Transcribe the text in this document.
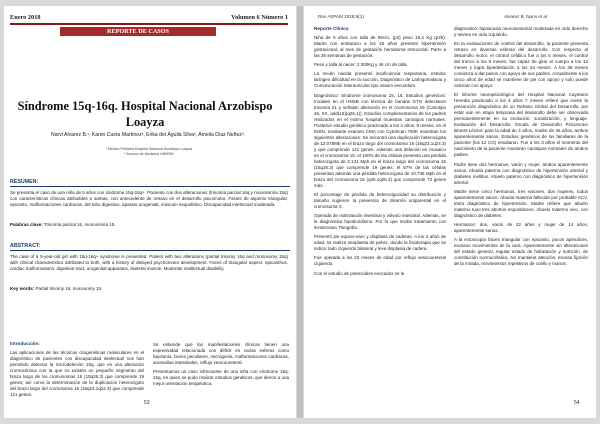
Enero 2018	Volumen 6 Número 1
REPORTE DE CASOS
Síndrome 15q-16q. Hospital Nacional Arzobispo Loayza
Narvi Alvarez B.¹, Karen Cueta Martínez², Erika del Águila Silva², Amelia Díaz Nuñez².
¹ Médico Pediatra Hospital Nacional Arzobispo Loayza
² Alumno de Medicina UNMSM
RESUMEN:
Se presenta el caso de una niña de 5 años con síndrome 15q-16q+. Paciente con dos alteraciones (trisomía parcial 16q y monosomía 15q) con características clínicas atribuibles a ambas, con antecedente de retraso en el desarrollo psicomotor. Facies de aspecto triangular, epicanto, malformaciones cardíacas, del tubo digestivo, aparato urogenital, músculo esquelético. Discapacidad intelectual moderada.
Palabras clave: Trisomía parcial 16, monosomía 15.
ABSTRACT:
The case of a 5-year-old girl with 15q-16q+ syndrome is presented. Patient with two alterations (partial trisomy 16q and monosomy 15q) with clinical characteristics attributed to both, with a history of delayed psychomotor development. Faces of triangular aspect, epicanthus, cardiac malformations, digestive tract, urogenital apparatus, skeletal muscle. Moderate intellectual disability.
Key words: Partial trisomy 16, monosomy 15.
Introducción:

Las aplicaciones de las técnicas citogenéticas moleculares en el diagnóstico de pacientes con discapacidad intelectual nos han permitido detectar la microdeleción 15q, que es una alteración cromosómica con la que no existen un pequeño segmento del brazo largo de los cromosomas 15 (15q26.3) que comprende 19 genes; así como la determinación de la duplicación heterocigoto del brazo largo del cromosoma 16 (16q23.1q24.3) que comprende 121 genes.

Se entiende que las manifestaciones clínicas tienen una expresividad relacionada con déficit en varias esferas como hipotonía, facies peculiares, microgenia, malformaciones cardíacas, anomalías intestinales, reflujo vesicoureteral.

Presentamos un caso infrecuente de una niña con síndrome 15q-16q, en quien se pudo realizar estudios genéticos, que dieron a una mejor orientación terapéutica.

53
Rev ASPAM 2018;6(1)	Alvarez B. Narvi et al
Reporte Clínico

Niña de 5 años con talla de 96cm, (p3) peso 15,4 Kg (p25). Madre con embarazo a los 40 años presentó hipertensión gestacional, al mes de gestación hematoma retrocorial. Parto a las 36 semanas de gestación.

Peso y talla al nacer: 2.300Kg y 46 cm de talla.

La recién nacida presentó insuficiencia respiratoria, estridor laríngeo dificultad en la succión, Diagnóstico de Laringomalacia y Comunicación Interauricular tipo ostium secundum.

Diagnóstico: Síndrome cromosoma 15, 16. Estudios genéticos: Iniciales en el HNSB con técnica de bandas GTG detectaron trisomía 21 y señalan alteración en el cromosoma 15 (Cariotipo 46, XX, add(15)(q26.1)). Estudios complementarios de los padres realizados en el mismo hospital muestran cariotipos normales. Posterior estudio genético practicado a los 2 años, 9 meses, en el INSN, mediante examen CMA con CytoScan 750K muestran los siguientes alteraciones: Se encontró una duplicación heterocigota de 12.078Mb en el brazo largo del cromosoma 16 (16q23.1q24.3) y que comprende 121 genes. Además una deleción en mosaico en el cromosoma 15: el 100% de las células presenta una pérdida heterocigota de 2.131 Mpb en el brazo largo del cromosoma 15 (15q26.3) que comprende 19 genes; el 57% de las células presentan además una pérdida heterocigota de 10.736 Mpb en el brazo del cromosoma 15 (q26.1q26.3) que comprende 73 genes más.

El porcentaje de pérdida de heterocigocidad su distribución y tamaño sugieren la presencia de disomía uniparental en el cromosoma X.

Operada de malrotación intestinal y vólvulo intestinal. Además, se le diagnostica hipotiroidismo. Por lo que recibe tratamiento con levotiroxina 75mg/día.

Presentó pie equino-varo y displasia de caderas. A los 3 años de edad, se realiza neoplastia de pelvis, donde la fisioterapia que se indica: lado izquierdo bilateral y leve displasia de cadera.

Fue operada a los 23 meses de edad por reflujo vesicoureteral izquierdo.

Con el estudio de potenciales evocados se le

diagnosticó: hipoacusia neurosensorial moderada en oído derecho y severa en oído izquierdo.

En la evaluaciones de control del desarrollo, la paciente presenta retraso en diversas esferas del desarrollo. Con respecto al desarrollo motor, el control cefálico fue a los 6 meses, el control del tronco a los 9 meses, fue capaz de girar e/ cuerpo a los 12 meses y logra bipedestación a los 24 meses. A los 36 meses comienza a dar pasos con apoyo de sus padres. Actualmente a los cinco años de edad se mantiene de pie con apoyo y solo puede caminar con apoyo.

El informe neuropsicológico del Hospital Nacional Cayetano Heredia practicado a los 4 años 7 meses refiere que existe la presunción diagnóstica de un Retraso Global del Desarrollo, por estar aún en etapa temprana del desarrollo debe ser observada permanentemente en su evolución: socialización, y lenguaje. Evaluación del Desarrollo: Escala de Desarrollo Psicomotor Brunet-Lézine: para la edad de 4 años, madre de 45 años, ambos aparentemente sanos. Estudios genéticos de los familiares de la paciente (los 12 CG) resultaron. Fue a los 3 años el momento del nacimiento de la paciente muestran cariotipos normales de ambos padres.

Padre tiene dos hermanos, varón y mujer, ambos aparentemente sanos. Abuela paterna con diagnóstico de hipertensión arterial y diabetes mellitus. Abuelo paterno con diagnóstico de hipertensión arterial.

Madre tiene cinco hermanos, tres varones, dos mujeres, todos aparentemente sanos. Abuela materna fallecida por probable ACV, tenía diagnóstico de hipertensión. Madre refiere que abuelo materno tuvo tres abortos espontáneos. Abuelo materno vivo, con diagnóstico de diabetes.

Hermanos: dos, varón de 22 años y mujer de 14 años, aparentemente sanos.

A la ectoscopía facies triangular con epicanto, pocos apéndices, escasos movimientos de la cara. Aparentemente sin alteraciones del estado general, regular estado de hidratación y nutrición, de constitución normocéfalica. No mantiene atención, escasa fijación de la mirada, movimientos repetitivos de cuello y manos.

54
